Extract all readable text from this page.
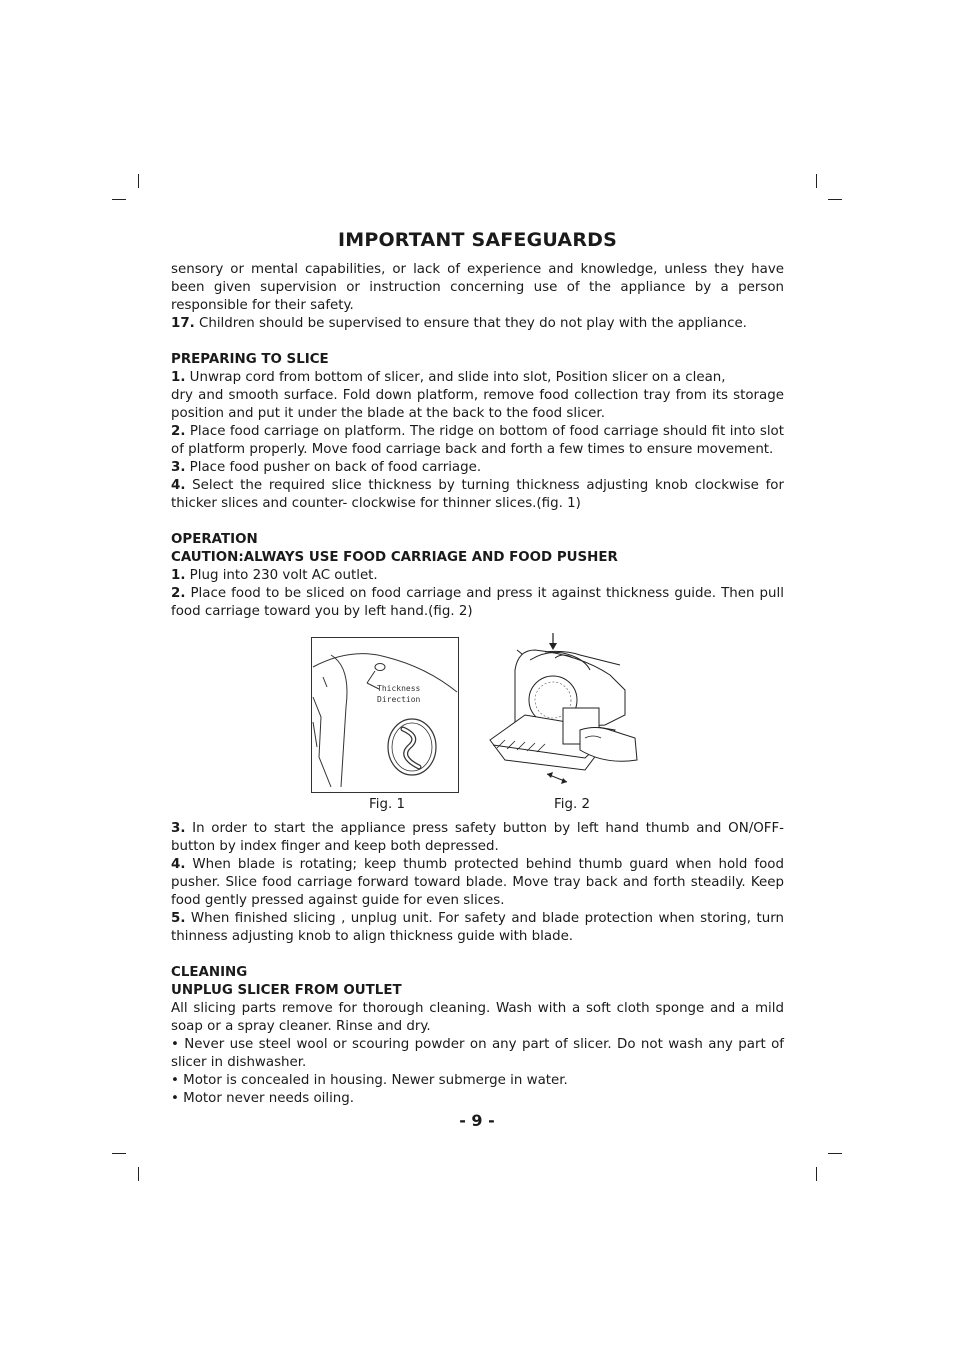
IMPORTANT SAFEGUARDS

sensory or mental capabilities, or lack of experience and knowledge, unless they have been given supervision or instruction concerning use of the appliance by a person responsible for their safety.

17. Children should be supervised to ensure that they do not play with the appliance.

PREPARING TO SLICE

1. Unwrap cord from bottom of slicer, and slide into slot, Position slicer on a clean,

dry and smooth surface. Fold down platform, remove food collection tray from its storage position and put it under the blade at the back to the food slicer.

2. Place food carriage on platform. The ridge on bottom of food carriage should fit into slot of platform properly. Move food carriage back and forth a few times to ensure movement.

3. Place food pusher on back of food carriage.

4. Select the required slice thickness by turning thickness adjusting knob clockwise for thicker slices and counter- clockwise for thinner slices.(fig. 1)

OPERATION

CAUTION:ALWAYS USE FOOD CARRIAGE AND FOOD PUSHER

1. Plug into 230 volt AC outlet.

2. Place food to be sliced on food carriage and press it against thickness guide. Then pull food carriage toward you by left hand.(fig. 2)

Thickness
Direction
Fig. 1	Fig. 2

3. In order to start the appliance press safety button by left hand thumb and ON/OFF-button by index finger and keep both depressed.

4. When blade is rotating; keep thumb protected behind thumb guard when hold food pusher. Slice food carriage forward toward blade. Move tray back and forth steadily. Keep food gently pressed against guide for even slices.

5. When finished slicing , unplug unit. For safety and blade protection when storing, turn thinness adjusting knob to align thickness guide with blade.

CLEANING

UNPLUG SLICER FROM OUTLET

All slicing parts remove for thorough cleaning. Wash with a soft cloth sponge and a mild soap or a spray cleaner. Rinse and dry.

• Never use steel wool or scouring powder on any part of slicer. Do not wash any part of slicer in dishwasher.

• Motor is concealed in housing. Newer submerge in water.

• Motor never needs oiling.

- 9 -
